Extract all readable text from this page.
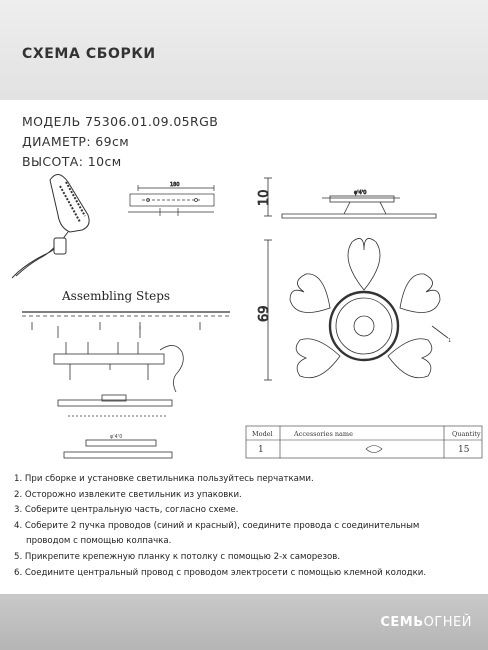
СХЕМА СБОРКИ
МОДЕЛЬ 75306.01.09.05RGB
ДИАМЕТР: 69см
ВЫСОТА: 10см
180
10	φ'4'0
Assembling Steps
φ'4'0
69
1
Model	Accessories name	Quantity
1	15
1. При сборке и установке светильника пользуйтесь перчатками.
2. Осторожно извлеките светильник из упаковки.
3. Соберите центральную часть, согласно схеме.
4. Соберите 2 пучка проводов (синий и красный), соедините провода с соединительным
проводом с помощью колпачка.
5. Прикрепите крепежную планку к потолку с помощью 2-х саморезов.
6. Соедините центральный провод с проводом электросети с помощью клемной колодки.
СЕМЬОГНЕЙ
